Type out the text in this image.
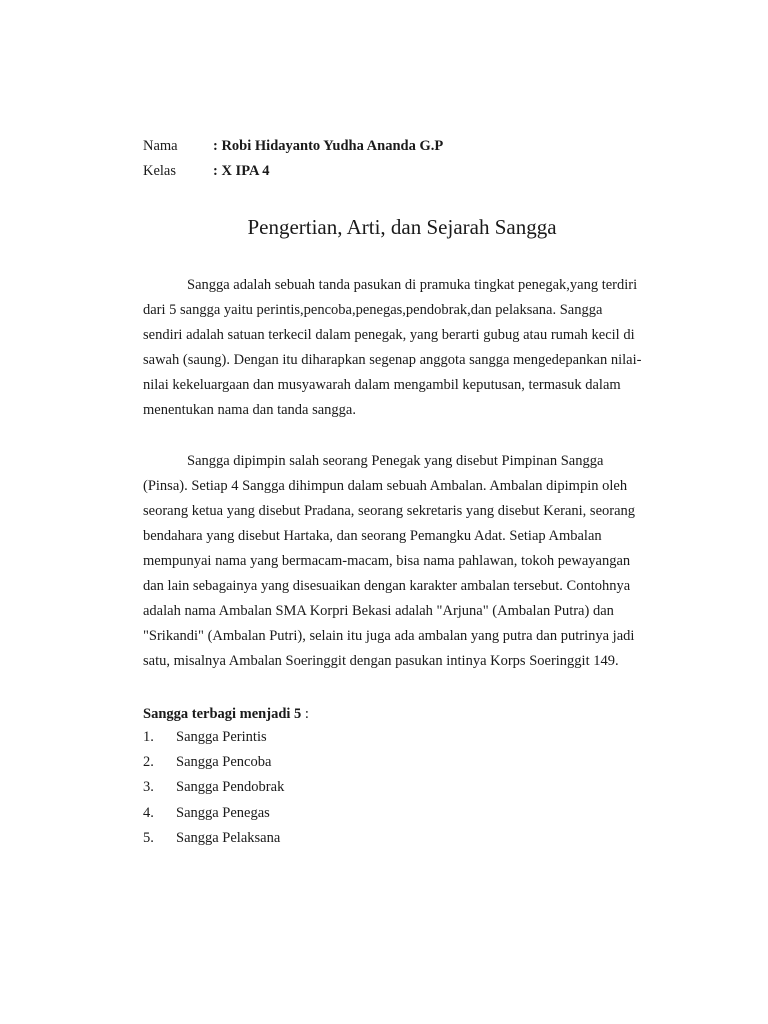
Nama : Robi Hidayanto Yudha Ananda G.P
Kelas	: X IPA 4
Pengertian, Arti, dan Sejarah Sangga
Sangga adalah sebuah tanda pasukan di pramuka tingkat penegak,yang terdiri
dari 5 sangga yaitu perintis,pencoba,penegas,pendobrak,dan pelaksana. Sangga
sendiri adalah satuan terkecil dalam penegak, yang berarti gubug atau rumah kecil di
sawah (saung). Dengan itu diharapkan segenap anggota sangga mengedepankan nilai-
nilai kekeluargaan dan musyawarah dalam mengambil keputusan, termasuk dalam
menentukan nama dan tanda sangga.
Sangga dipimpin salah seorang Penegak yang disebut Pimpinan Sangga
(Pinsa). Setiap 4 Sangga dihimpun dalam sebuah Ambalan. Ambalan dipimpin oleh
seorang ketua yang disebut Pradana, seorang sekretaris yang disebut Kerani, seorang
bendahara yang disebut Hartaka, dan seorang Pemangku Adat. Setiap Ambalan
mempunyai nama yang bermacam-macam, bisa nama pahlawan, tokoh pewayangan
dan lain sebagainya yang disesuaikan dengan karakter ambalan tersebut. Contohnya
adalah nama Ambalan SMA Korpri Bekasi adalah "Arjuna" (Ambalan Putra) dan
"Srikandi" (Ambalan Putri), selain itu juga ada ambalan yang putra dan putrinya jadi
satu, misalnya Ambalan Soeringgit dengan pasukan intinya Korps Soeringgit 149.
Sangga terbagi menjadi 5 :
1. Sangga Perintis
2. Sangga Pencoba
3. Sangga Pendobrak
4. Sangga Penegas
5. Sangga Pelaksana
